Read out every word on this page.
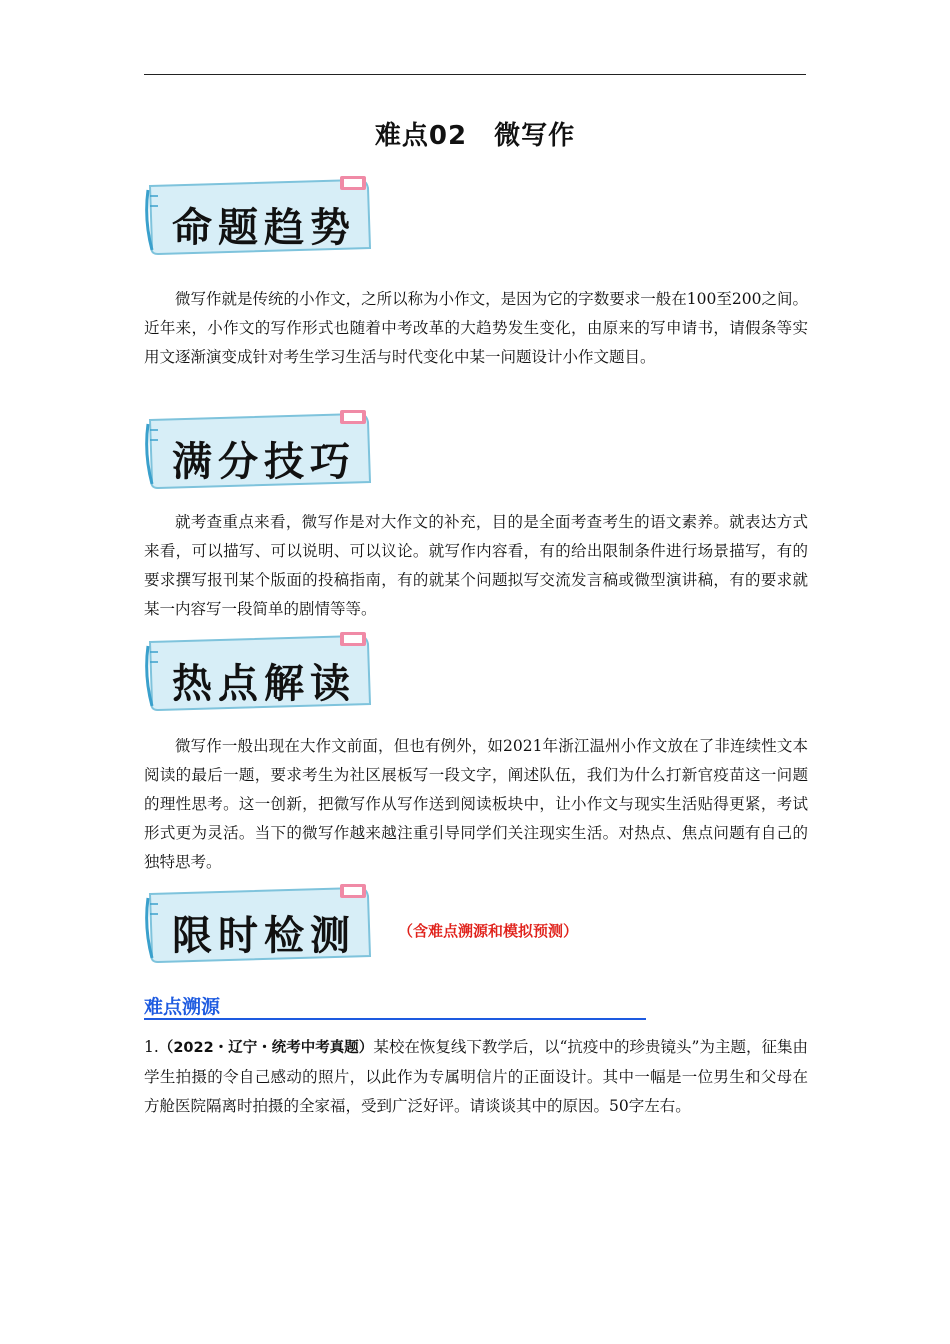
难点02　微写作
命题趋势

微写作就是传统的小作文，之所以称为小作文，是因为它的字数要求一般在100至200之间。近年来，小作文的写作形式也随着中考改革的大趋势发生变化，由原来的写申请书，请假条等实用文逐渐演变成针对考生学习生活与时代变化中某一问题设计小作文题目。

满分技巧

就考查重点来看，微写作是对大作文的补充，目的是全面考查考生的语文素养。就表达方式来看，可以描写、可以说明、可以议论。就写作内容看，有的给出限制条件进行场景描写，有的要求撰写报刊某个版面的投稿指南，有的就某个问题拟写交流发言稿或微型演讲稿，有的要求就某一内容写一段简单的剧情等等。

热点解读

微写作一般出现在大作文前面，但也有例外，如2021年浙江温州小作文放在了非连续性文本阅读的最后一题，要求考生为社区展板写一段文字，阐述队伍，我们为什么打新官疫苗这一问题的理性思考。这一创新，把微写作从写作送到阅读板块中，让小作文与现实生活贴得更紧，考试形式更为灵活。当下的微写作越来越注重引导同学们关注现实生活。对热点、焦点问题有自己的独特思考。

限时检测	（含难点溯源和模拟预测）
难点溯源

1.（2022・辽宁・统考中考真题）某校在恢复线下教学后，以“抗疫中的珍贵镜头”为主题，征集由学生拍摄的令自己感动的照片，以此作为专属明信片的正面设计。其中一幅是一位男生和父母在方舱医院隔离时拍摄的全家福，受到广泛好评。请谈谈其中的原因。50字左右。
